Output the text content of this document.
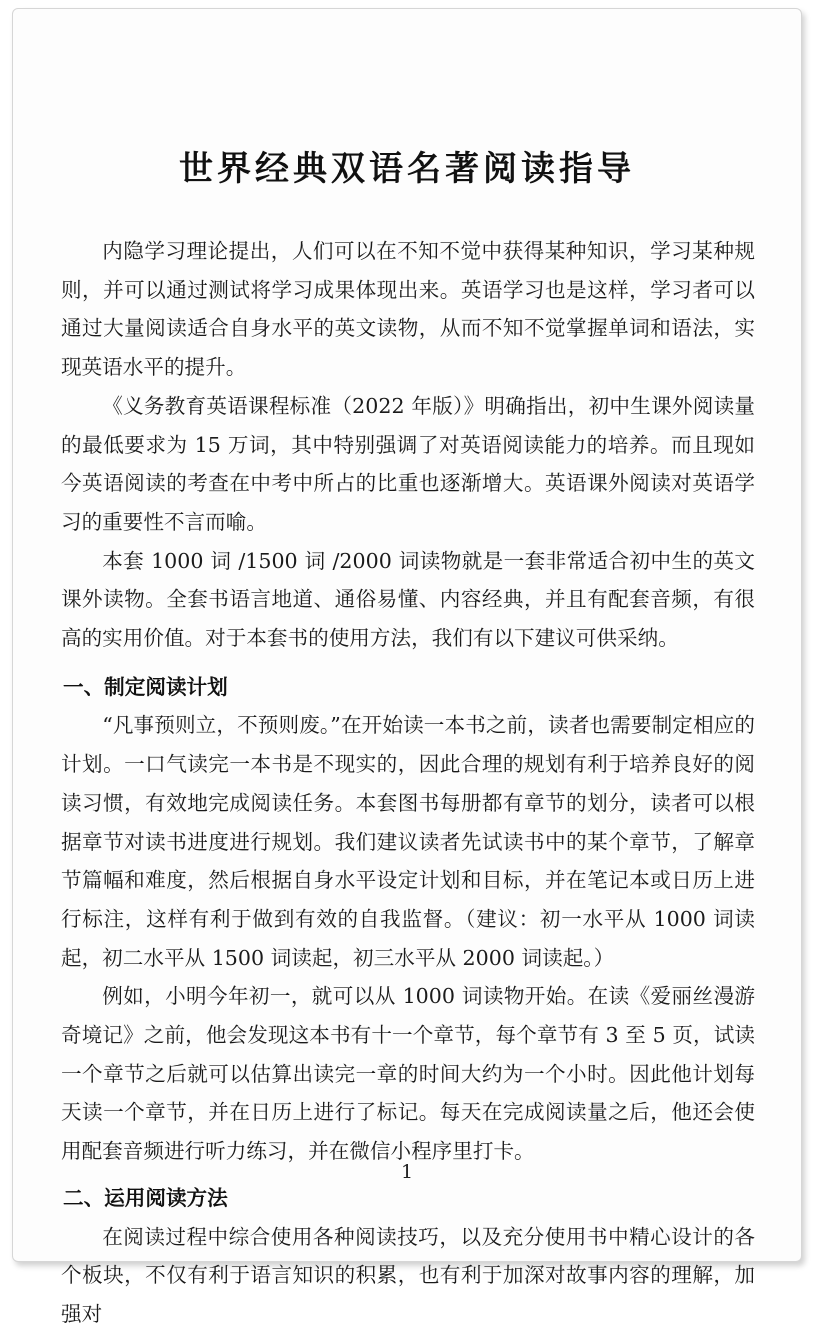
世界经典双语名著阅读指导

内隐学习理论提出，人们可以在不知不觉中获得某种知识，学习某种规则，并可以通过测试将学习成果体现出来。英语学习也是这样，学习者可以通过大量阅读适合自身水平的英文读物，从而不知不觉掌握单词和语法，实现英语水平的提升。

《义务教育英语课程标准（2022 年版）》明确指出，初中生课外阅读量的最低要求为 15 万词，其中特别强调了对英语阅读能力的培养。而且现如今英语阅读的考查在中考中所占的比重也逐渐增大。英语课外阅读对英语学习的重要性不言而喻。

本套 1000 词 /1500 词 /2000 词读物就是一套非常适合初中生的英文课外读物。全套书语言地道、通俗易懂、内容经典，并且有配套音频，有很高的实用价值。对于本套书的使用方法，我们有以下建议可供采纳。

一、制定阅读计划

“凡事预则立，不预则废。”在开始读一本书之前，读者也需要制定相应的计划。一口气读完一本书是不现实的，因此合理的规划有利于培养良好的阅读习惯，有效地完成阅读任务。本套图书每册都有章节的划分，读者可以根据章节对读书进度进行规划。我们建议读者先试读书中的某个章节，了解章节篇幅和难度，然后根据自身水平设定计划和目标，并在笔记本或日历上进行标注，这样有利于做到有效的自我监督。（建议：初一水平从 1000 词读起，初二水平从 1500 词读起，初三水平从 2000 词读起。）

例如，小明今年初一，就可以从 1000 词读物开始。在读《爱丽丝漫游奇境记》之前，他会发现这本书有十一个章节，每个章节有 3 至 5 页，试读一个章节之后就可以估算出读完一章的时间大约为一个小时。因此他计划每天读一个章节，并在日历上进行了标记。每天在完成阅读量之后，他还会使用配套音频进行听力练习，并在微信小程序里打卡。

二、运用阅读方法

在阅读过程中综合使用各种阅读技巧，以及充分使用书中精心设计的各个板块，不仅有利于语言知识的积累，也有利于加深对故事内容的理解，加强对

1
